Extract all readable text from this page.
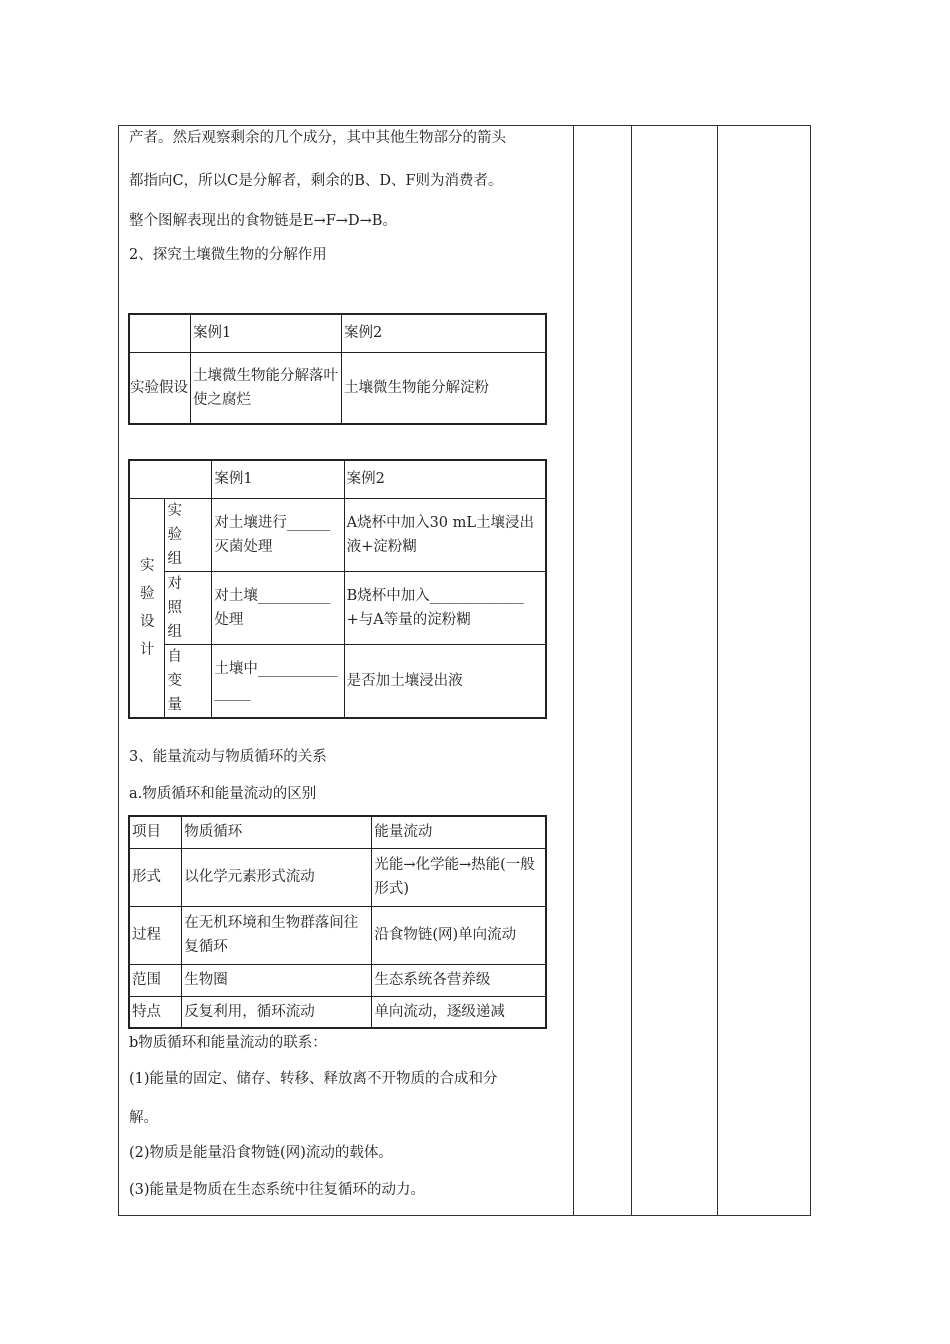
产者。然后观察剩余的几个成分，其中其他生物部分的箭头
都指向C，所以C是分解者，剩余的B、D、F则为消费者。
整个图解表现出的食物链是E→F→D→B。
2、探究土壤微生物的分解作用
	案例1	案例2

实验假设	土壤微生物能分解落叶使之腐烂	土壤微生物能分解淀粉
		案例1	案例2
实验设计	实验组	对土壤进行______灭菌处理	A烧杯中加入30 mL土壤浸出液+淀粉糊
	对照组	对土壤__________处理	B烧杯中加入_____________+与A等量的淀粉糊
	自变量	土壤中________________	是否加土壤浸出液
3、能量流动与物质循环的关系
a.物质循环和能量流动的区别
项目	物质循环	能量流动
形式	以化学元素形式流动	光能→化学能→热能(一般形式)
过程	在无机环境和生物群落间往复循环	沿食物链(网)单向流动
范围	生物圈	生态系统各营养级
特点	反复利用，循环流动	单向流动，逐级递减
b物质循环和能量流动的联系：
(1)能量的固定、储存、转移、释放离不开物质的合成和分
解。
(2)物质是能量沿食物链(网)流动的载体。
(3)能量是物质在生态系统中往复循环的动力。
